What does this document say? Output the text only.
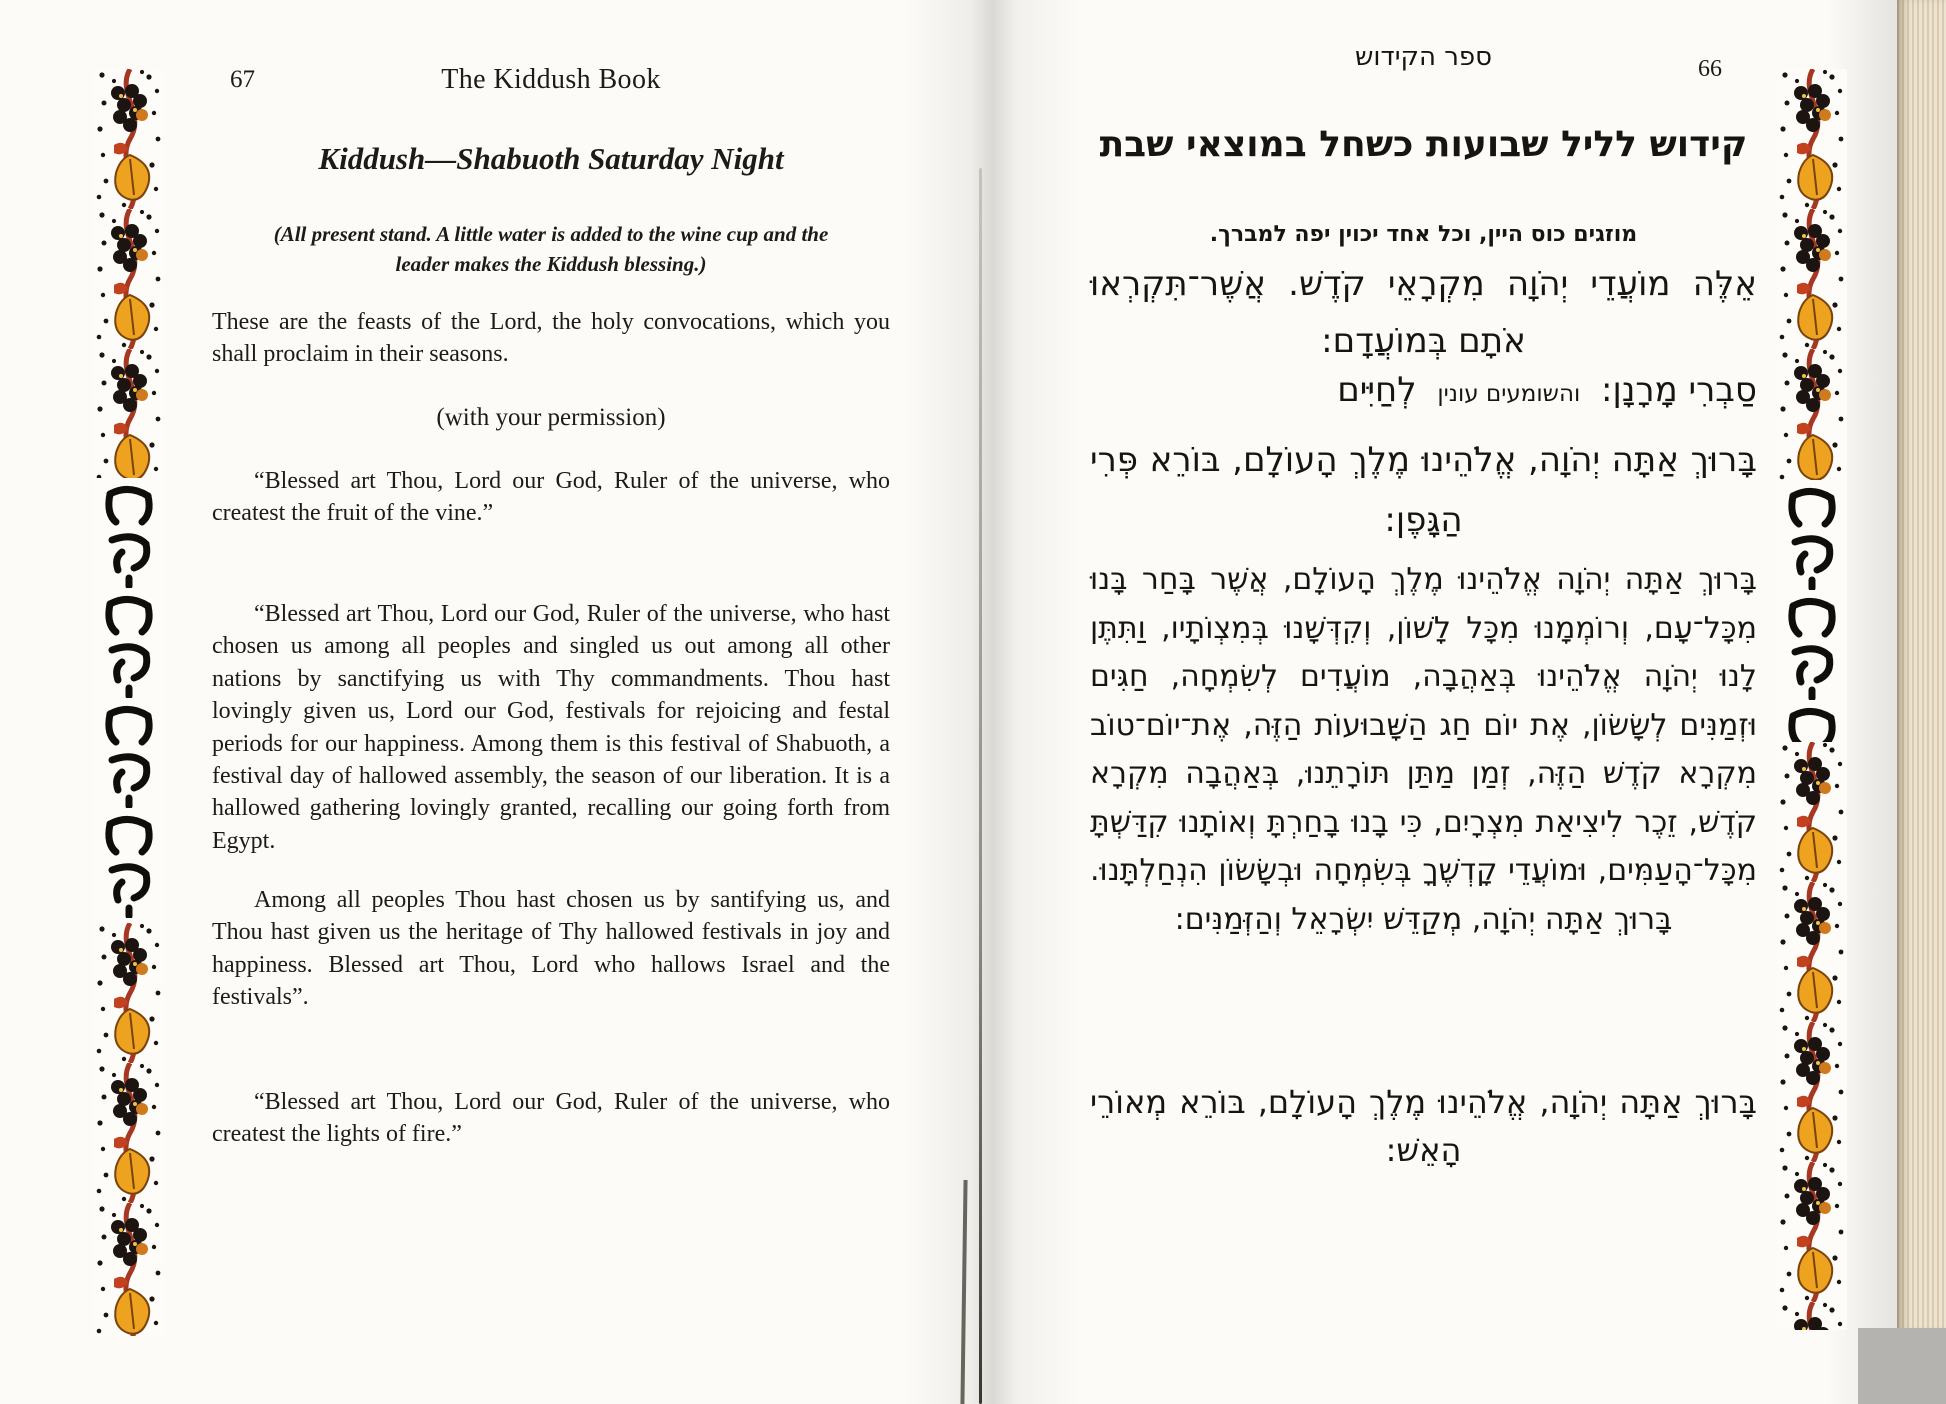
67	The Kiddush Book
Kiddush—Shabuoth Saturday Night
(All present stand. A little water is added to the wine cup and the leader makes the Kiddush blessing.)
These are the feasts of the Lord, the holy convocations, which you shall proclaim in their seasons.
(with your permission)
“Blessed art Thou, Lord our God, Ruler of the universe, who createst the fruit of the vine.”
“Blessed art Thou, Lord our God, Ruler of the universe, who hast chosen us among all peoples and singled us out among all other nations by sanctifying us with Thy commandments. Thou hast lovingly given us, Lord our God, festivals for rejoicing and festal periods for our happiness. Among them is this festival of Shabuoth, a festival day of hallowed assembly, the season of our liberation. It is a hallowed gathering lovingly granted, recalling our going forth from Egypt.
Among all peoples Thou hast chosen us by santifying us, and Thou hast given us the heritage of Thy hallowed festivals in joy and happiness. Blessed art Thou, Lord who hallows Israel and the festivals”.
“Blessed art Thou, Lord our God, Ruler of the universe, who createst the lights of fire.”
ספר הקידוש	66
קידוש לליל שבועות כשחל במוצאי שבת
מוזגים כוס היין, וכל אחד יכוין יפה למברך.
אֵלֶּה מוֹעֲדֵי יְהֹוָה מִקְרָאֵי קֹדֶשׁ. אֲשֶׁר־תִּקְרְאוּ אֹתָם בְּמוֹעֲדָם:
סַבְרִי מָרָנָן: והשומעים עונין לְחַיִּים
בָּרוּךְ אַתָּה יְהֹוָה, אֱלֹהֵינוּ מֶלֶךְ הָעוֹלָם, בּוֹרֵא פְּרִי הַגָּפֶן:
בָּרוּךְ אַתָּה יְהֹוָה אֱלֹהֵינוּ מֶלֶךְ הָעוֹלָם, אֲשֶׁר בָּחַר בָּנוּ מִכָּל־עָם, וְרוֹמְמָנוּ מִכָּל לָשׁוֹן, וְקִדְּשָׁנוּ בְּמִצְוֹתָיו, וַתִּתֶּן לָנוּ יְהֹוָה אֱלֹהֵינוּ בְּאַהֲבָה, מוֹעֲדִים לְשִׂמְחָה, חַגִּים וּזְמַנִּים לְשָׂשׂוֹן, אֶת יוֹם חַג הַשָּׁבוּעוֹת הַזֶּה, אֶת־יוֹם־טוֹב מִקְרָא קֹדֶשׁ הַזֶּה, זְמַן מַתַּן תּוֹרָתֵנוּ, בְּאַהֲבָה מִקְרָא קֹדֶשׁ, זֵכֶר לִיצִיאַת מִצְרָיִם, כִּי בָנוּ בָחַרְתָּ וְאוֹתָנוּ קִדַּשְׁתָּ מִכָּל־הָעַמִּים, וּמוֹעֲדֵי קָדְשֶׁךָ בְּשִׂמְחָה וּבְשָׂשׂוֹן הִנְחַלְתָּנוּ. בָּרוּךְ אַתָּה יְהֹוָה, מְקַדֵּשׁ יִשְׂרָאֵל וְהַזְּמַנִּים:
בָּרוּךְ אַתָּה יְהֹוָה, אֱלֹהֵינוּ מֶלֶךְ הָעוֹלָם, בּוֹרֵא מְאוֹרֵי הָאֵשׁ:
